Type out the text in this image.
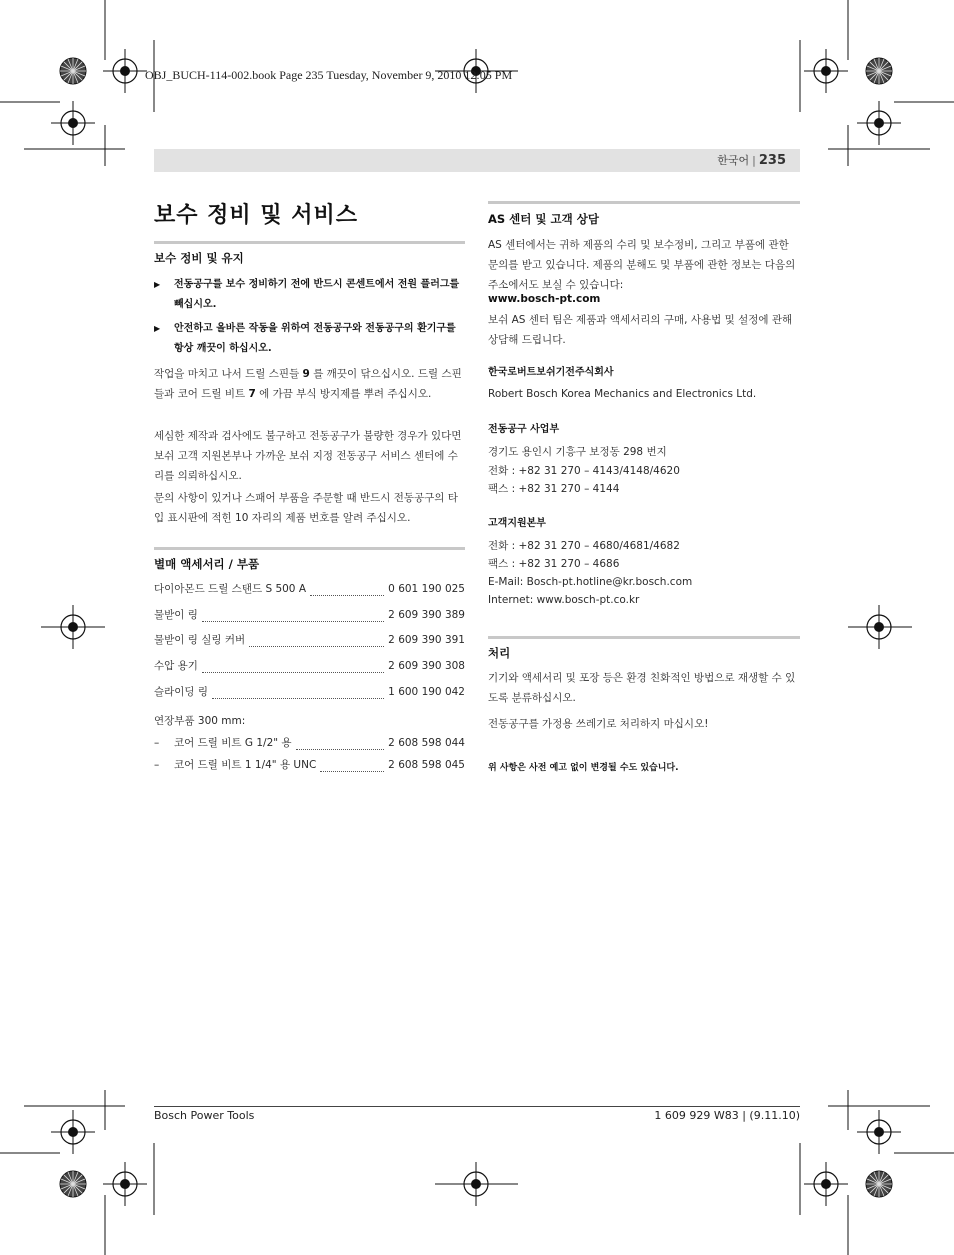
OBJ_BUCH-114-002.book Page 235 Tuesday, November 9, 2010 12:05 PM
한국어 | 235
보수 정비 및 서비스
보수 정비 및 유지
▶ 전동공구를 보수 정비하기 전에 반드시 콘센트에서 전원 플러그를 빼십시오.
▶ 안전하고 올바른 작동을 위하여 전동공구와 전동공구의 환기구를 항상 깨끗이 하십시오.
작업을 마치고 나서 드릴 스핀들 9 를 깨끗이 닦으십시오. 드릴 스핀들과 코어 드릴 비트 7 에 가끔 부식 방지제를 뿌려 주십시오.
세심한 제작과 검사에도 불구하고 전동공구가 불량한 경우가 있다면 보쉬 고객 지원본부나 가까운 보쉬 지정 전동공구 서비스 센터에 수리를 의뢰하십시오.
문의 사항이 있거나 스패어 부품을 주문할 때 반드시 전동공구의 타입 표시판에 적힌 10 자리의 제품 번호를 알려 주십시오.
별매 액세서리 / 부품
다이아몬드 드릴 스탠드 S 500 A	0 601 190 025
물받이 링	2 609 390 389
물받이 링 실링 커버	2 609 390 391
수압 용기	2 609 390 308
슬라이딩 링	1 600 190 042
연장부품 300 mm:
–	코어 드릴 비트 G 1/2" 용	2 608 598 044
–	코어 드릴 비트 1 1/4" 용 UNC	2 608 598 045
AS 센터 및 고객 상담
AS 센터에서는 귀하 제품의 수리 및 보수정비, 그리고 부품에 관한 문의를 받고 있습니다. 제품의 분해도 및 부품에 관한 정보는 다음의 주소에서도 보실 수 있습니다:
www.bosch-pt.com
보쉬 AS 센터 팀은 제품과 액세서리의 구매, 사용법 및 설정에 관해 상담해 드립니다.
한국로버트보쉬기전주식회사
Robert Bosch Korea Mechanics and Electronics Ltd.
전동공구 사업부
경기도 용인시 기흥구 보정동 298 번지
전화 : +82 31 270 – 4143/4148/4620
팩스 : +82 31 270 – 4144
고객지원본부
전화 : +82 31 270 – 4680/4681/4682
팩스 : +82 31 270 – 4686
E-Mail: Bosch-pt.hotline@kr.bosch.com
Internet: www.bosch-pt.co.kr
처리
기기와 액세서리 및 포장 등은 환경 친화적인 방법으로 재생할 수 있도록 분류하십시오.
전동공구를 가정용 쓰레기로 처리하지 마십시오!
위 사항은 사전 예고 없이 변경될 수도 있습니다.
Bosch Power Tools	1 609 929 W83 | (9.11.10)
